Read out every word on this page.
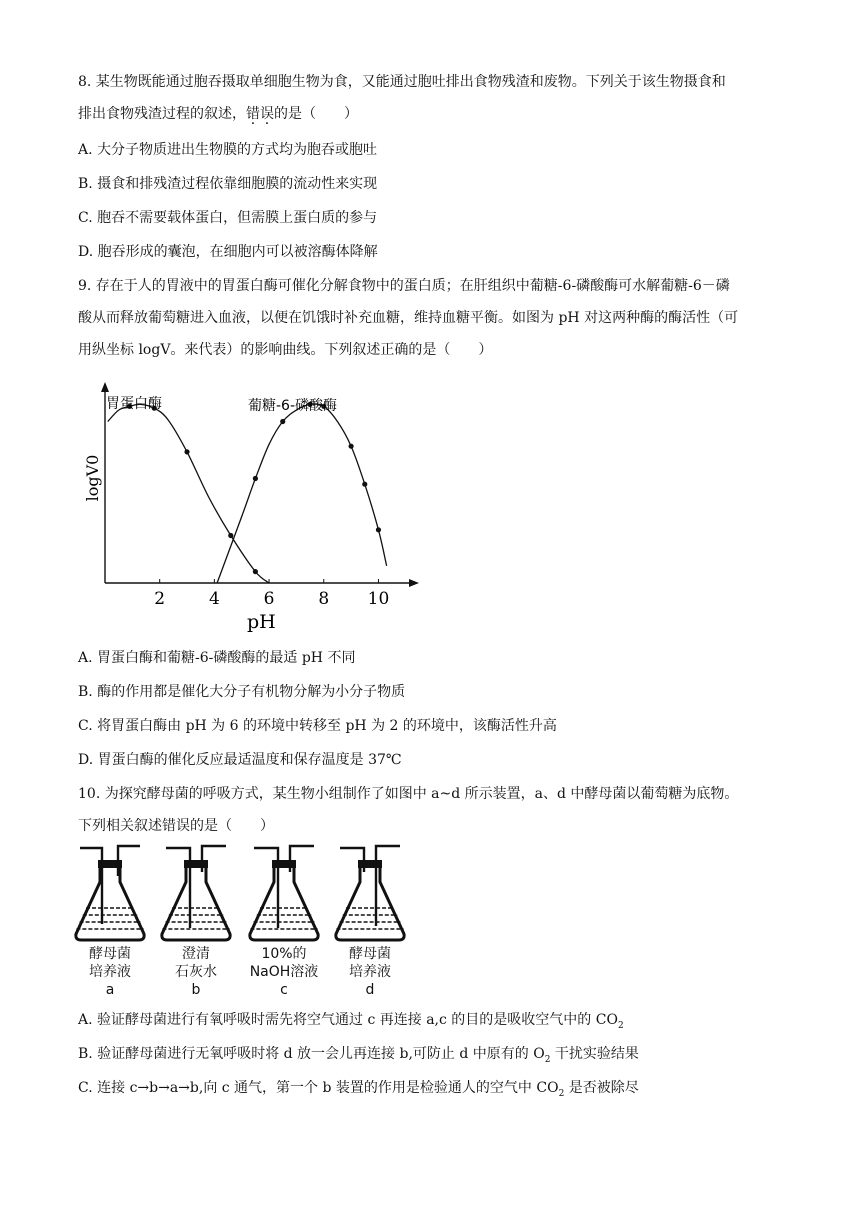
8. 某生物既能通过胞吞摄取单细胞生物为食，又能通过胞吐排出食物残渣和废物。下列关于该生物摄食和
排出食物残渣过程的叙述，错误的是（　　）
A. 大分子物质进出生物膜的方式均为胞吞或胞吐
B. 摄食和排残渣过程依靠细胞膜的流动性来实现
C. 胞吞不需要载体蛋白，但需膜上蛋白质的参与
D. 胞吞形成的囊泡，在细胞内可以被溶酶体降解
9. 存在于人的胃液中的胃蛋白酶可催化分解食物中的蛋白质；在肝组织中葡糖-6-磷酸酶可水解葡糖-6－磷
酸从而释放葡萄糖进入血液，以便在饥饿时补充血糖，维持血糖平衡。如图为 pH 对这两种酶的酶活性（可
用纵坐标 logV。来代表）的影响曲线。下列叙述正确的是（　　）
2	4	6	8 10
胃蛋白酶	葡糖-6-磷酸酶
pH
logV0
A. 胃蛋白酶和葡糖-6-磷酸酶的最适 pH 不同
B. 酶的作用都是催化大分子有机物分解为小分子物质
C. 将胃蛋白酶由 pH 为 6 的环境中转移至 pH 为 2 的环境中，该酶活性升高
D. 胃蛋白酶的催化反应最适温度和保存温度是 37℃
10. 为探究酵母菌的呼吸方式，某生物小组制作了如图中 a~d 所示装置，a、d 中酵母菌以葡萄糖为底物。
下列相关叙述错误的是（　　）
酵母菌
培养液
a
澄清
石灰水
b
10%的
NaOH溶液
c
酵母菌
培养液
d
A. 验证酵母菌进行有氧呼吸时需先将空气通过 c 再连接 a,c 的目的是吸收空气中的 $CO_2$
B. 验证酵母菌进行无氧呼吸时将 d 放一会儿再连接 b,可防止 d 中原有的 $O_2$ 干扰实验结果
C. 连接 c→b→a→b,向 c 通气，第一个 b 装置的作用是检验通人的空气中 $CO_2$ 是否被除尽
